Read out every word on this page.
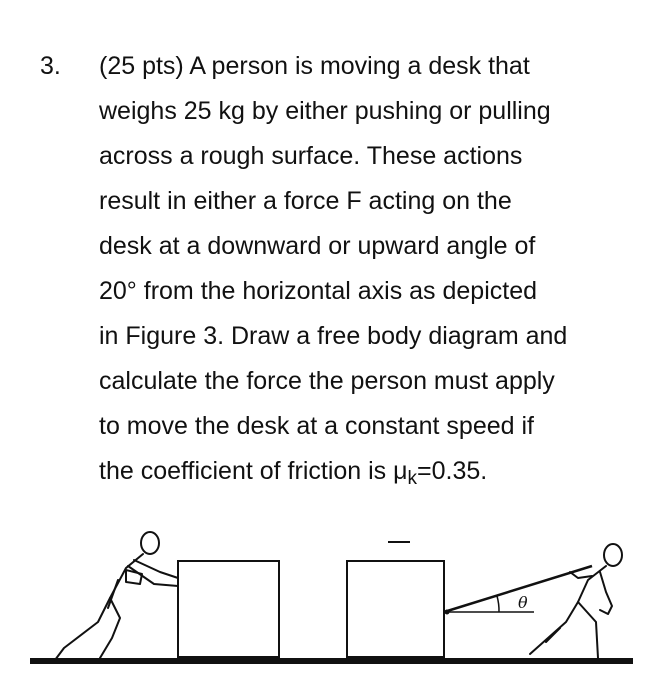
3. (25 pts) A person is moving a desk that
weighs 25 kg by either pushing or pulling
across a rough surface. These actions
result in either a force F acting on the
desk at a downward or upward angle of
20° from the horizontal axis as depicted
in Figure 3. Draw a free body diagram and
calculate the force the person must apply
to move the desk at a constant speed if
the coefficient of friction is $\mu_k=0.35$.
θ
